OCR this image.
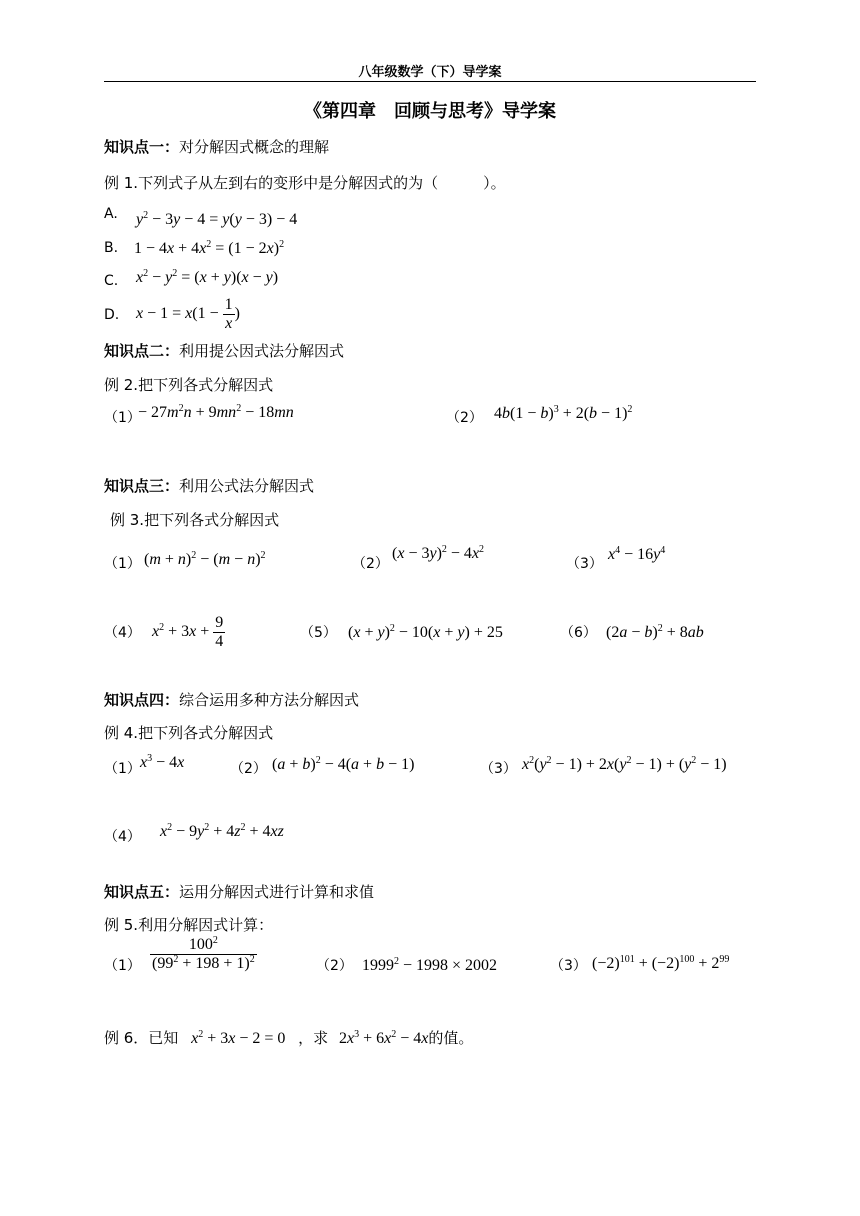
八年级数学（下）导学案
《第四章　回顾与思考》导学案
知识点一：对分解因式概念的理解
例 1.下列式子从左到右的变形中是分解因式的为（　　　）。
A. $y^2 - 3y - 4 = y(y - 3) - 4$
B. $1 - 4x + 4x^2 = (1 - 2x)^2$
C. $x^2 - y^2 = (x + y)(x - y)$
D. $x - 1 = x(1 - \frac{1}{x}$ )
知识点二：利用提公因式法分解因式
例 2.把下列各式分解因式
（1）
− $27m^2n + 9mn^2 - 18mn$	（2） $4b(1 - b)^3 + 2(b - 1)^2$
知识点三：利用公式法分解因式
例 3.把下列各式分解因式
（1） $(m + n)^2 - (m - n)^2$
（2）
$(x - 3y)^2 - 4x^2$
（3）
$x^4 - 16y^4$
（4） $x^2 + 3x + \frac{9}{4}$	（5） $(x + y)^2 - 10(x + y) + 25$	（6） $(2a - b)^2 + 8ab$
知识点四：综合运用多种方法分解因式
例 4.把下列各式分解因式
（1） $x^3 - 4x$	（2） $(a + b)^2 - 4(a + b - 1)$	（3） $x^2(y^2 - 1) + 2x(y^2 - 1) + (y^2 - 1)$
（4） $x^2 - 9y^2 + 4z^2 + 4xz$
知识点五：运用分解因式进行计算和求值
例 5.利用分解因式计算：
$(1) \frac{100^2}{(99^2 + 198 + 1)^2}$	（2） $1999^2 - 1998 \times 2002$	（3） $(-2)^{101} + (-2)^{100} + 2^{99}$
例 6．已知 $x^2 + 3x - 2 = 0$ ，求 $2x^3 + 6x^2 - 4x$的值。
